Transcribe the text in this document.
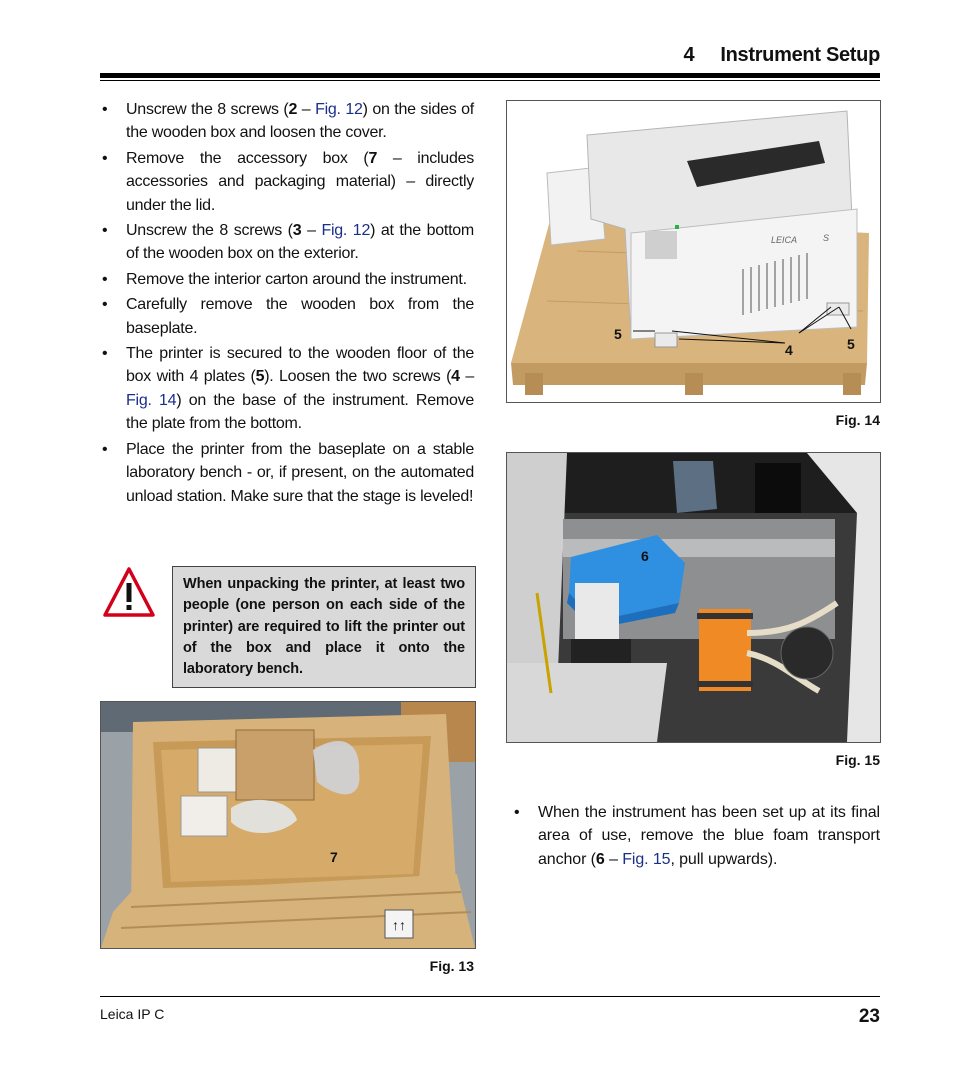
4 Instrument Setup
• Unscrew the 8 screws (2 – Fig. 12) on the sides of the wooden box and loosen the cover.
• Remove the accessory box (7 – includes accessories and packaging material) – directly under the lid.
• Unscrew the 8 screws (3 – Fig. 12) at the bottom of the wooden box on the exterior.
• Remove the interior carton around the instrument.
• Carefully remove the wooden box from the baseplate.
• The printer is secured to the wooden floor of the box with 4 plates (5). Loosen the two screws (4 – Fig. 14) on the base of the instrument. Remove the plate from the bottom.
• Place the printer from the baseplate on a stable laboratory bench - or, if present, on the automated unload station. Make sure that the stage is leveled!
When unpacking the printer, at least two people (one person on each side of the printer) are required to lift the printer out of the box and place it onto the laboratory bench.
↑↑
7
Fig. 13
LEICA	S
5
4	5
Fig. 14
6
Fig. 15
• When the instrument has been set up at its final area of use, remove the blue foam transport anchor (6 – Fig. 15, pull upwards).
Leica IP C	23
